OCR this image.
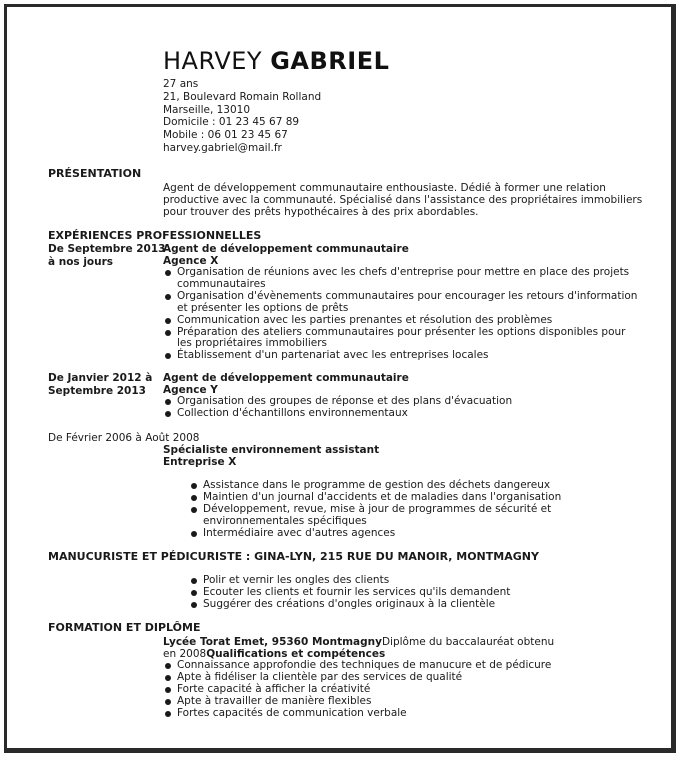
HARVEY GABRIEL
27 ans
21, Boulevard Romain Rolland
Marseille, 13010
Domicile : 01 23 45 67 89
Mobile : 06 01 23 45 67
harvey.gabriel@mail.fr
PRÉSENTATION
Agent de développement communautaire enthousiaste. Dédié à former une relation productive avec la communauté. Spécialisé dans l'assistance des propriétaires immobiliers pour trouver des prêts hypothécaires à des prix abordables.
EXPÉRIENCES PROFESSIONNELLES
De Septembre 2013 à nos jours
Agent de développement communautaire
Agence X
Organisation de réunions avec les chefs d'entreprise pour mettre en place des projets communautaires
Organisation d'évènements communautaires pour encourager les retours d'information et présenter les options de prêts
Communication avec les parties prenantes et résolution des problèmes
Préparation des ateliers communautaires pour présenter les options disponibles pour les propriétaires immobiliers
Établissement d'un partenariat avec les entreprises locales
De Janvier 2012 à Septembre 2013
Agent de développement communautaire
Agence Y
Organisation des groupes de réponse et des plans d'évacuation
Collection d'échantillons environnementaux
De Février 2006 à Août 2008
Spécialiste environnement assistant
Entreprise X
Assistance dans le programme de gestion des déchets dangereux
Maintien d'un journal d'accidents et de maladies dans l'organisation
Développement, revue, mise à jour de programmes de sécurité et environnementales spécifiques
Intermédiaire avec d'autres agences
MANUCURISTE ET PÉDICURISTE : GINA-LYN, 215 RUE DU MANOIR, MONTMAGNY
Polir et vernir les ongles des clients
Ecouter les clients et fournir les services qu'ils demandent
Suggérer des créations d'ongles originaux à la clientèle
FORMATION ET DIPLÔME
Lycée Torat Emet, 95360 MontmagnyDiplôme du baccalauréat obtenu en 2008Qualifications et compétences
Connaissance approfondie des techniques de manucure et de pédicure
Apte à fidéliser la clientèle par des services de qualité
Forte capacité à afficher la créativité
Apte à travailler de manière flexibles
Fortes capacités de communication verbale
